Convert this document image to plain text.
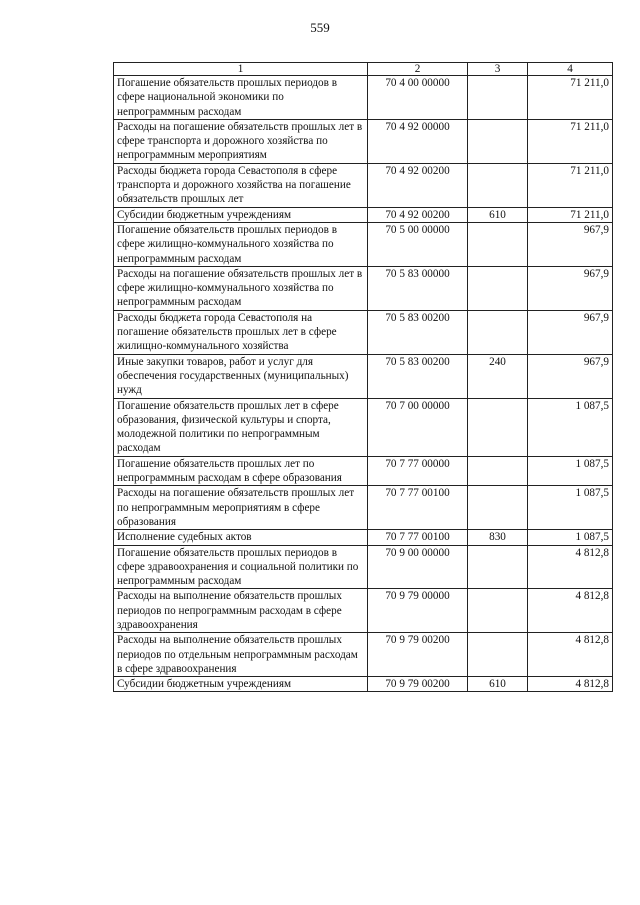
559
1	2	3	4
Погашение обязательств прошлых периодов в сфере национальной экономики по непрограммным расходам	70 4 00 00000		71 211,0
Расходы на погашение обязательств прошлых лет в сфере транспорта и дорожного хозяйства по непрограммным мероприятиям	70 4 92 00000		71 211,0
Расходы бюджета города Севастополя в сфере транспорта и дорожного хозяйства на погашение обязательств прошлых лет	70 4 92 00200		71 211,0
Субсидии бюджетным учреждениям	70 4 92 00200	610	71 211,0
Погашение обязательств прошлых периодов в сфере жилищно-коммунального хозяйства по непрограммным расходам	70 5 00 00000		967,9
Расходы на погашение обязательств прошлых лет в сфере жилищно-коммунального хозяйства по непрограммным расходам	70 5 83 00000		967,9
Расходы бюджета города Севастополя на погашение обязательств прошлых лет в сфере жилищно-коммунального хозяйства	70 5 83 00200		967,9
Иные закупки товаров, работ и услуг для обеспечения государственных (муниципальных) нужд	70 5 83 00200	240	967,9
Погашение обязательств прошлых лет в сфере образования, физической культуры и спорта, молодежной политики по непрограммным расходам	70 7 00 00000		1 087,5
Погашение обязательств прошлых лет по непрограммным расходам в сфере образования	70 7 77 00000		1 087,5
Расходы на погашение обязательств прошлых лет по непрограммным мероприятиям в сфере образования	70 7 77 00100		1 087,5
Исполнение судебных актов	70 7 77 00100	830	1 087,5
Погашение обязательств прошлых периодов в сфере здравоохранения и социальной политики по непрограммным расходам	70 9 00 00000		4 812,8
Расходы на выполнение обязательств прошлых периодов по непрограммным расходам в сфере здравоохранения	70 9 79 00000		4 812,8
Расходы на выполнение обязательств прошлых периодов по отдельным непрограммным расходам в сфере здравоохранения	70 9 79 00200		4 812,8
Субсидии бюджетным учреждениям	70 9 79 00200	610	4 812,8
